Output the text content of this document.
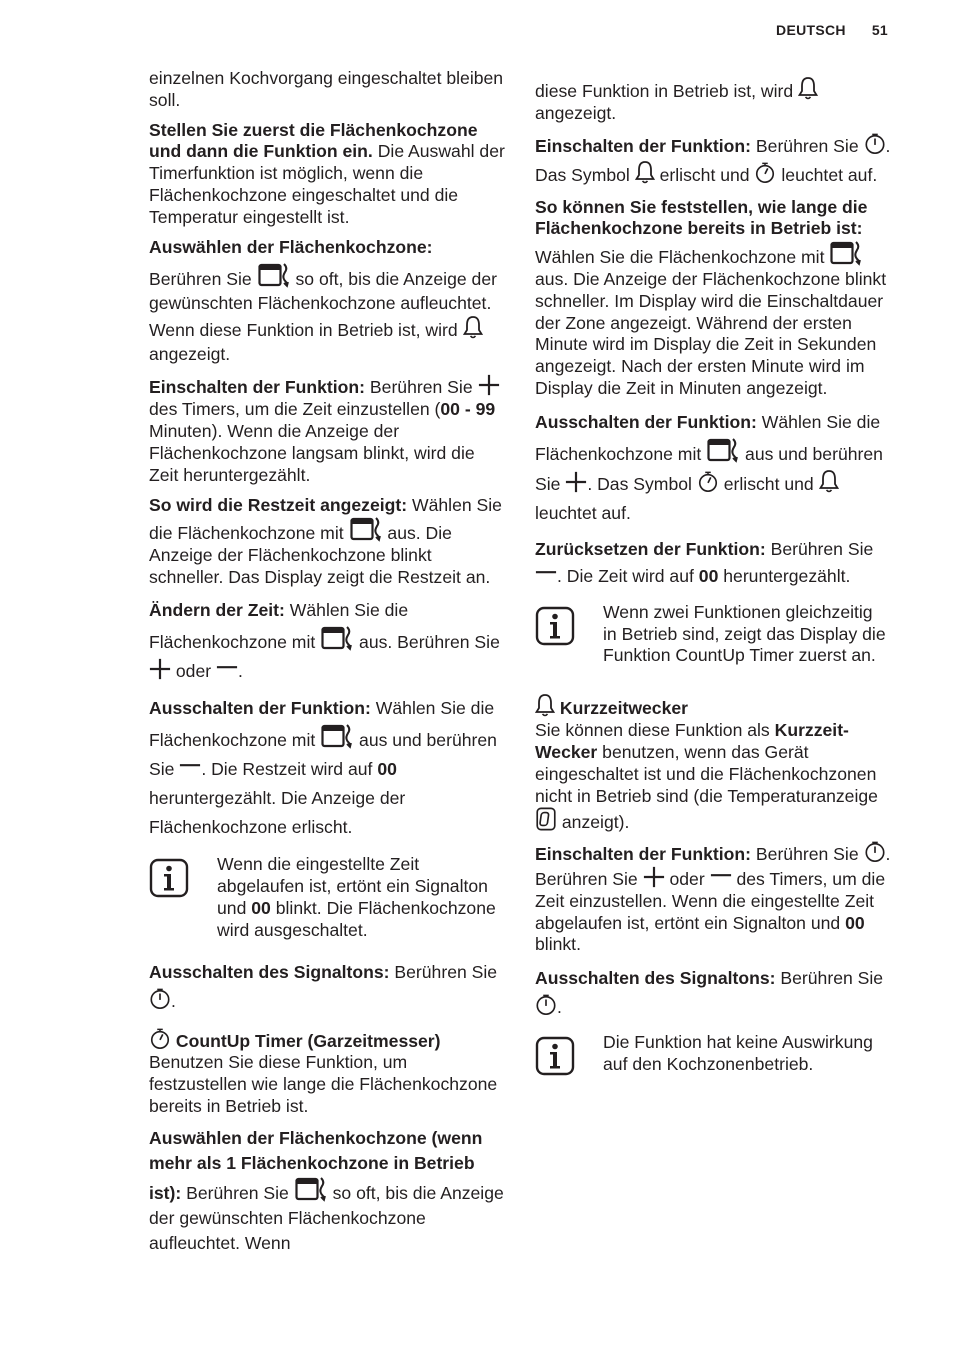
DEUTSCH 51

einzelnen Kochvorgang eingeschaltet bleiben soll.

Stellen Sie zuerst die Flächenkochzone und dann die Funktion ein. Die Auswahl der Timerfunktion ist möglich, wenn die Flächenkochzone eingeschaltet und die Temperatur eingestellt ist.

Auswählen der Flächenkochzone:

Berühren Sie  so oft, bis die Anzeige der gewünschten Flächenkochzone aufleuchtet. Wenn diese Funktion in Betrieb ist, wird  angezeigt.

Einschalten der Funktion: Berühren Sie  des Timers, um die Zeit einzustellen (00 - 99 Minuten). Wenn die Anzeige der Flächenkochzone langsam blinkt, wird die Zeit heruntergezählt.

So wird die Restzeit angezeigt: Wählen Sie die Flächenkochzone mit  aus. Die Anzeige der Flächenkochzone blinkt schneller. Das Display zeigt die Restzeit an.

Ändern der Zeit: Wählen Sie die Flächenkochzone mit  aus. Berühren Sie  oder .

Ausschalten der Funktion: Wählen Sie die Flächenkochzone mit  aus und berühren Sie . Die Restzeit wird auf 00 heruntergezählt. Die Anzeige der Flächenkochzone erlischt.

Wenn die eingestellte Zeit abgelaufen ist, ertönt ein Signalton und 00 blinkt. Die Flächenkochzone wird ausgeschaltet.

Ausschalten des Signaltons: Berühren Sie .

CountUp Timer (Garzeitmesser)
Benutzen Sie diese Funktion, um festzustellen wie lange die Flächenkochzone bereits in Betrieb ist.

Auswählen der Flächenkochzone (wenn mehr als 1 Flächenkochzone in Betrieb ist): Berühren Sie  so oft, bis die Anzeige der gewünschten Flächenkochzone aufleuchtet. Wenn

diese Funktion in Betrieb ist, wird  angezeigt.

Einschalten der Funktion: Berühren Sie . Das Symbol  erlischt und  leuchtet auf.

So können Sie feststellen, wie lange die Flächenkochzone bereits in Betrieb ist: Wählen Sie die Flächenkochzone mit  aus. Die Anzeige der Flächenkochzone blinkt schneller. Im Display wird die Einschaltdauer der Zone angezeigt. Während der ersten Minute wird im Display die Zeit in Sekunden angezeigt. Nach der ersten Minute wird im Display die Zeit in Minuten angezeigt.

Ausschalten der Funktion: Wählen Sie die Flächenkochzone mit  aus und berühren Sie . Das Symbol  erlischt und  leuchtet auf.

Zurücksetzen der Funktion: Berühren Sie . Die Zeit wird auf 00 heruntergezählt.

Wenn zwei Funktionen gleichzeitig in Betrieb sind, zeigt das Display die Funktion CountUp Timer zuerst an.

Kurzzeitwecker
Sie können diese Funktion als Kurzzeit-Wecker benutzen, wenn das Gerät eingeschaltet ist und die Flächenkochzonen nicht in Betrieb sind (die Temperaturanzeige  anzeigt).

Einschalten der Funktion: Berühren Sie . Berühren Sie  oder  des Timers, um die Zeit einzustellen. Wenn die eingestellte Zeit abgelaufen ist, ertönt ein Signalton und 00 blinkt.

Ausschalten des Signaltons: Berühren Sie .

Die Funktion hat keine Auswirkung auf den Kochzonenbetrieb.
